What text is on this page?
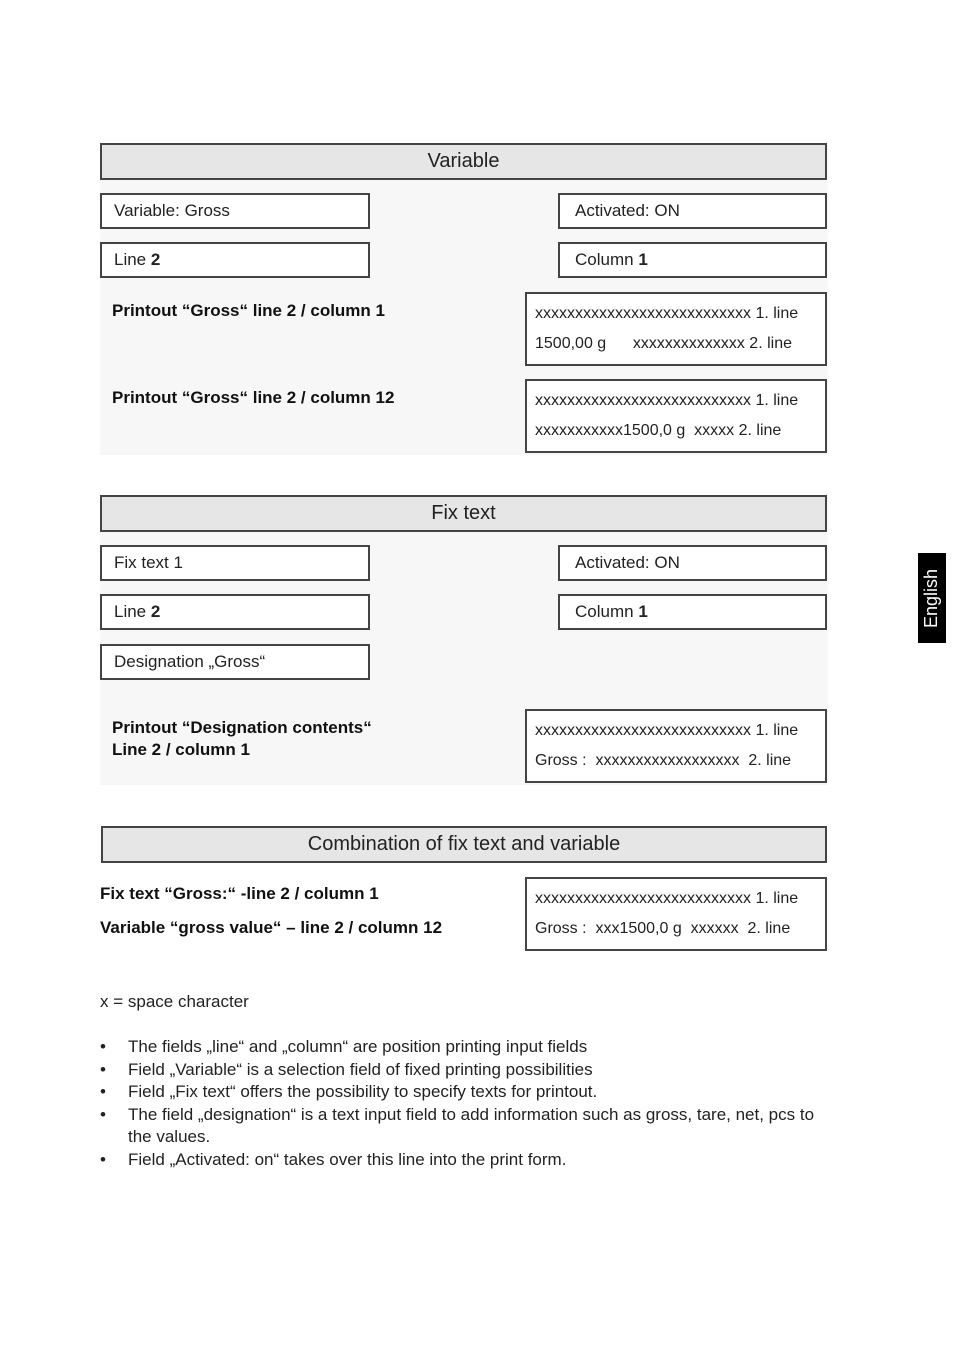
English
Variable
Variable: Gross	Activated: ON
Line 2	Column 1
Printout “Gross“ line 2 / column 1	xxxxxxxxxxxxxxxxxxxxxxxxxxx 1. line
1500,00 g      xxxxxxxxxxxxxx 2. line
Printout “Gross“ line 2 / column 12	xxxxxxxxxxxxxxxxxxxxxxxxxxx 1. line
xxxxxxxxxxx1500,0 g  xxxxx 2. line
Fix text
Fix text 1	Activated: ON
Line 2	Column 1
Designation „Gross“
Printout “Designation contents“
Line 2 / column 1
xxxxxxxxxxxxxxxxxxxxxxxxxxx 1. line
Gross :  xxxxxxxxxxxxxxxxxx  2. line
Combination of fix text and variable
Fix text “Gross:“ -line 2 / column 1
Variable “gross value“ – line 2 / column 12
xxxxxxxxxxxxxxxxxxxxxxxxxxx 1. line
Gross :  xxx1500,0 g  xxxxxx  2. line
x = space character
• The fields „line“ and „column“ are position printing input fields
• Field „Variable“ is a selection field of fixed printing possibilities
• Field „Fix text“ offers the possibility to specify texts for printout.
• The field „designation“ is a text input field to add information such as gross, tare, net, pcs to the values.
• Field „Activated: on“ takes over this line into the print form.
